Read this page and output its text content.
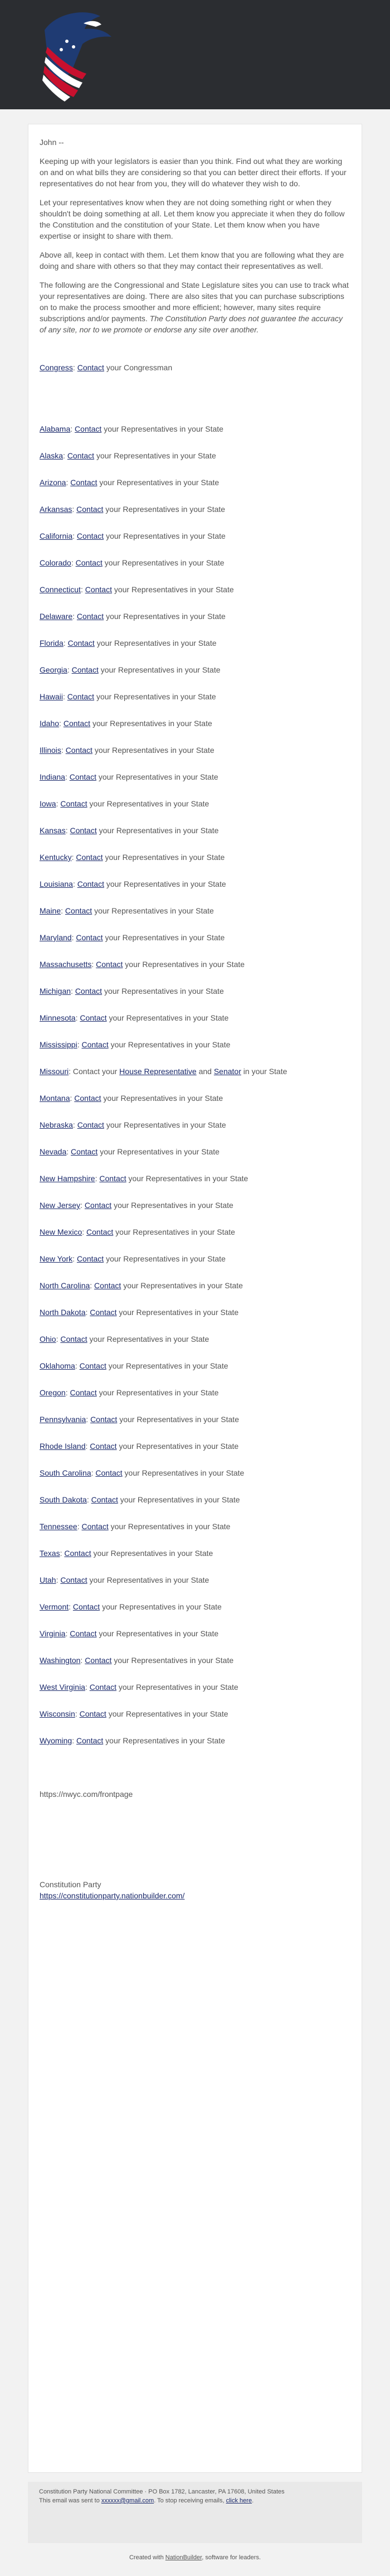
John --

Keeping up with your legislators is easier than you think. Find out what they are working on and on what bills they are considering so that you can better direct their efforts. If your representatives do not hear from you, they will do whatever they wish to do.

Let your representatives know when they are not doing something right or when they shouldn't be doing something at all. Let them know you appreciate it when they do follow the Constitution and the constitution of your State. Let them know when you have expertise or insight to share with them.

Above all, keep in contact with them. Let them know that you are following what they are doing and share with others so that they may contact their representatives as well.

The following are the Congressional and State Legislature sites you can use to track what your representatives are doing. There are also sites that you can purchase subscriptions on to make the process smoother and more efficient; however, many sites require subscriptions and/or payments. The Constitution Party does not guarantee the accuracy of any site, nor to we promote or endorse any site over another.

Congress: Contact your Congressman
Alabama: Contact your Representatives in your State
Alaska: Contact your Representatives in your State
Arizona: Contact your Representatives in your State
Arkansas: Contact your Representatives in your State
California: Contact your Representatives in your State
Colorado: Contact your Representatives in your State
Connecticut: Contact your Representatives in your State
Delaware: Contact your Representatives in your State
Florida: Contact your Representatives in your State
Georgia: Contact your Representatives in your State
Hawaii: Contact your Representatives in your State
Idaho: Contact your Representatives in your State
Illinois: Contact your Representatives in your State
Indiana: Contact your Representatives in your State
Iowa: Contact your Representatives in your State
Kansas: Contact your Representatives in your State
Kentucky: Contact your Representatives in your State
Louisiana: Contact your Representatives in your State
Maine: Contact your Representatives in your State
Maryland: Contact your Representatives in your State
Massachusetts: Contact your Representatives in your State
Michigan: Contact your Representatives in your State
Minnesota: Contact your Representatives in your State
Mississippi: Contact your Representatives in your State
Missouri: Contact your House Representative and Senator in your State
Montana: Contact your Representatives in your State
Nebraska: Contact your Representatives in your State
Nevada: Contact your Representatives in your State
New Hampshire: Contact your Representatives in your State
New Jersey: Contact your Representatives in your State
New Mexico: Contact your Representatives in your State
New York: Contact your Representatives in your State
North Carolina: Contact your Representatives in your State
North Dakota: Contact your Representatives in your State
Ohio: Contact your Representatives in your State
Oklahoma: Contact your Representatives in your State
Oregon: Contact your Representatives in your State
Pennsylvania: Contact your Representatives in your State
Rhode Island: Contact your Representatives in your State
South Carolina: Contact your Representatives in your State
South Dakota: Contact your Representatives in your State
Tennessee: Contact your Representatives in your State
Texas: Contact your Representatives in your State
Utah: Contact your Representatives in your State
Vermont: Contact your Representatives in your State
Virginia: Contact your Representatives in your State
Washington: Contact your Representatives in your State
West Virginia: Contact your Representatives in your State
Wisconsin: Contact your Representatives in your State
Wyoming: Contact your Representatives in your State
https://nwyc.com/frontpage
Constitution Party
https://constitutionparty.nationbuilder.com/
Constitution Party National Committee · PO Box 1782, Lancaster, PA 17608, United States
This email was sent to xxxxxx@gmail.com. To stop receiving emails, click here.
Created with NationBuilder, software for leaders.
